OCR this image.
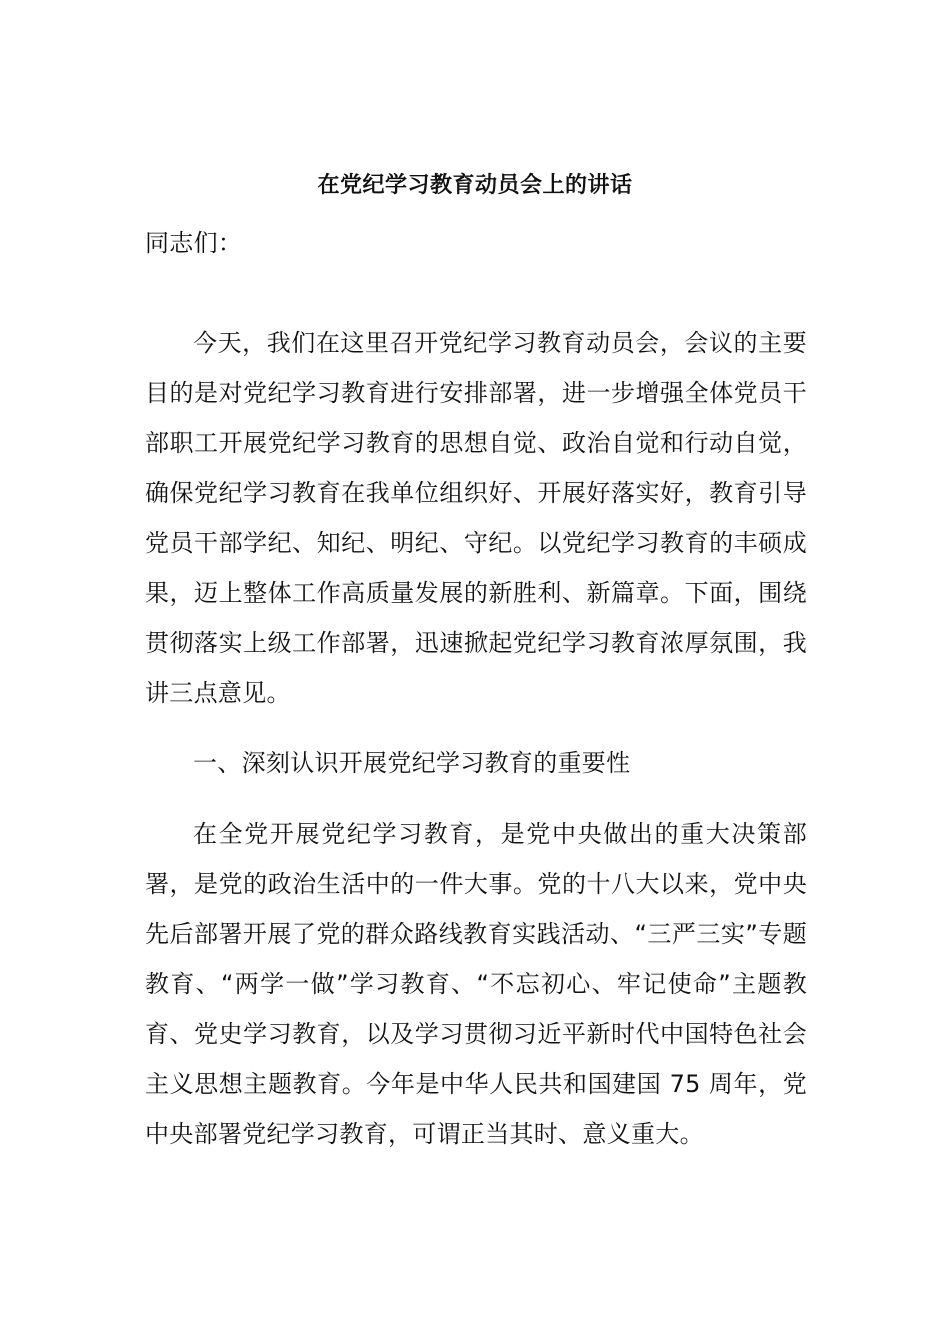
在党纪学习教育动员会上的讲话

同志们：

今天，我们在这里召开党纪学习教育动员会，会议的主要目的是对党纪学习教育进行安排部署，进一步增强全体党员干部职工开展党纪学习教育的思想自觉、政治自觉和行动自觉，确保党纪学习教育在我单位组织好、开展好落实好，教育引导党员干部学纪、知纪、明纪、守纪。以党纪学习教育的丰硕成果，迈上整体工作高质量发展的新胜利、新篇章。下面，围绕贯彻落实上级工作部署，迅速掀起党纪学习教育浓厚氛围，我讲三点意见。

一、深刻认识开展党纪学习教育的重要性

在全党开展党纪学习教育，是党中央做出的重大决策部署，是党的政治生活中的一件大事。党的十八大以来，党中央先后部署开展了党的群众路线教育实践活动、“三严三实”专题教育、“两学一做”学习教育、“不忘初心、牢记使命”主题教育、党史学习教育，以及学习贯彻习近平新时代中国特色社会主义思想主题教育。今年是中华人民共和国建国 75 周年，党中央部署党纪学习教育，可谓正当其时、意义重大。
